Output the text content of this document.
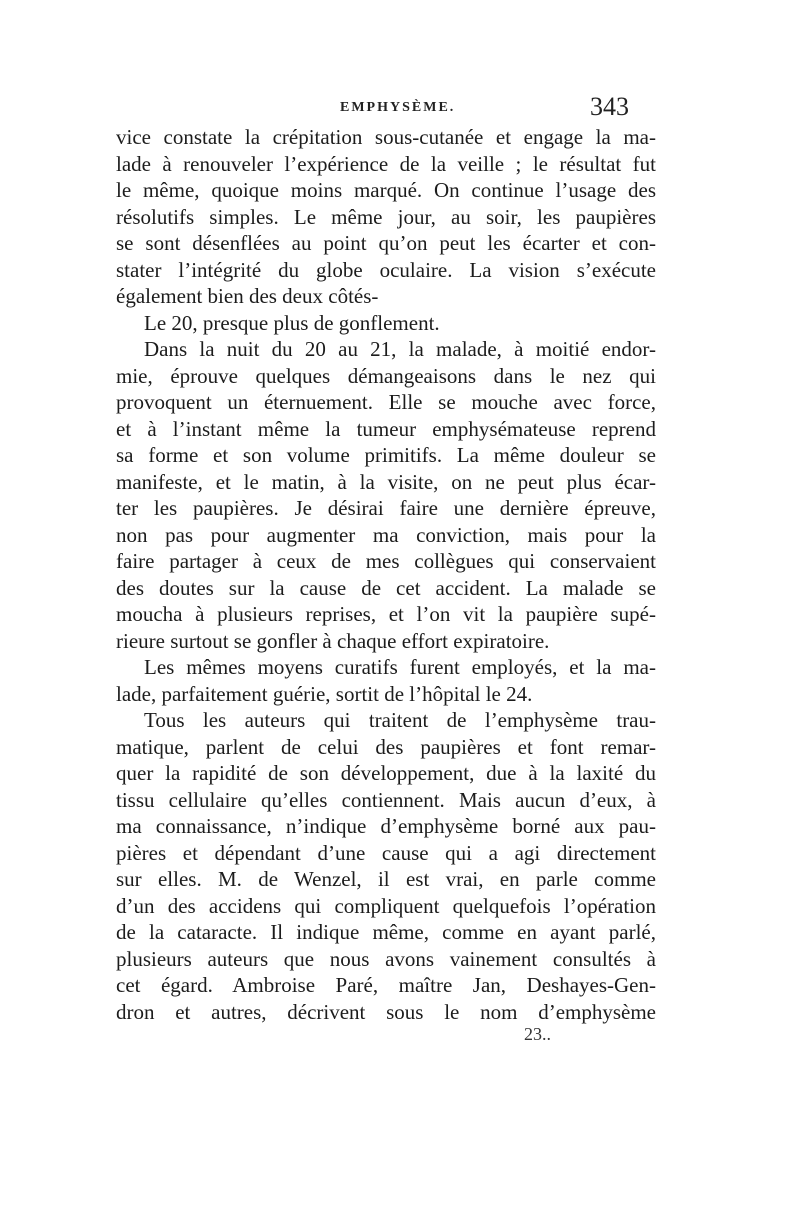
EMPHYSÈME.	343
vice constate la crépitation sous-cutanée et engage la ma-
lade à renouveler l’expérience de la veille ; le résultat fut
le même, quoique moins marqué. On continue l’usage des
résolutifs simples. Le même jour, au soir, les paupières
se sont désenflées au point qu’on peut les écarter et con-
stater l’intégrité du globe oculaire. La vision s’exécute
également bien des deux côtés-
Le 20, presque plus de gonflement.
Dans la nuit du 20 au 21, la malade, à moitié endor-
mie, éprouve quelques démangeaisons dans le nez qui
provoquent un éternuement. Elle se mouche avec force,
et à l’instant même la tumeur emphysémateuse reprend
sa forme et son volume primitifs. La même douleur se
manifeste, et le matin, à la visite, on ne peut plus écar-
ter les paupières. Je désirai faire une dernière épreuve,
non pas pour augmenter ma conviction, mais pour la
faire partager à ceux de mes collègues qui conservaient
des doutes sur la cause de cet accident. La malade se
moucha à plusieurs reprises, et l’on vit la paupière supé-
rieure surtout se gonfler à chaque effort expiratoire.
Les mêmes moyens curatifs furent employés, et la ma-
lade, parfaitement guérie, sortit de l’hôpital le 24.
Tous les auteurs qui traitent de l’emphysème trau-
matique, parlent de celui des paupières et font remar-
quer la rapidité de son développement, due à la laxité du
tissu cellulaire qu’elles contiennent. Mais aucun d’eux, à
ma connaissance, n’indique d’emphysème borné aux pau-
pières et dépendant d’une cause qui a agi directement
sur elles. M. de Wenzel, il est vrai, en parle comme
d’un des accidens qui compliquent quelquefois l’opération
de la cataracte. Il indique même, comme en ayant parlé,
plusieurs auteurs que nous avons vainement consultés à
cet égard. Ambroise Paré, maître Jan, Deshayes-Gen-
dron et autres, décrivent sous le nom d’emphysème
23..
